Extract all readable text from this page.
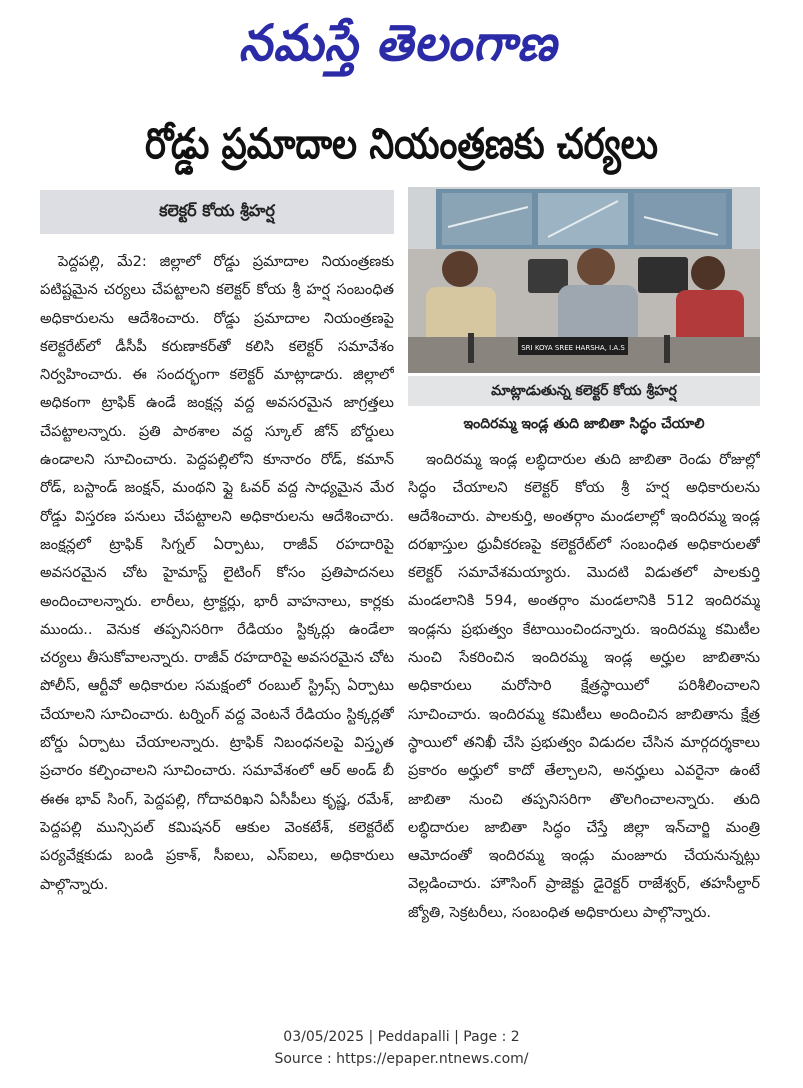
నమస్తే తెలంగాణ
రోడ్డు ప్రమాదాల నియంత్రణకు చర్యలు
కలెక్టర్ కోయ శ్రీహర్ష

పెద్దపల్లి, మే2: జిల్లాలో రోడ్డు ప్రమాదాల నియంత్రణకు పటిష్టమైన చర్యలు చేపట్టాలని కలెక్టర్ కోయ శ్రీ హర్ష సంబంధిత అధికారులను ఆదేశించారు. రోడ్డు ప్రమాదాల నియంత్రణపై కలెక్టరేట్‌లో డీసీపీ కరుణాకర్‌తో కలిసి కలెక్టర్ సమావేశం నిర్వహించారు. ఈ సందర్భంగా కలెక్టర్ మాట్లాడారు. జిల్లాలో అధికంగా ట్రాఫిక్ ఉండే జంక్షన్ల వద్ద అవసరమైన జాగ్రత్తలు చేపట్టాలన్నారు. ప్రతి పాఠశాల వద్ద స్కూల్ జోన్ బోర్డులు ఉండాలని సూచించారు. పెద్దపల్లిలోని కూనారం రోడ్, కమాన్ రోడ్, బస్టాండ్ జంక్షన్, మంథని ఫ్లై ఓవర్ వద్ద సాధ్యమైన మేర రోడ్డు విస్తరణ పనులు చేపట్టాలని అధికారులను ఆదేశించారు. జంక్షన్లలో ట్రాఫిక్ సిగ్నల్ ఏర్పాటు, రాజీవ్ రహదారిపై అవసరమైన చోట హైమాస్ట్ లైటింగ్ కోసం ప్రతిపాదనలు అందించాలన్నారు. లారీలు, ట్రాక్టర్లు, భారీ వాహనాలు, కార్లకు ముందు.. వెనుక తప్పనిసరిగా రేడియం స్టిక్కర్లు ఉండేలా చర్యలు తీసుకోవాలన్నారు. రాజీవ్ రహదారిపై అవసరమైన చోట పోలీస్, ఆర్టీవో అధికారుల సమక్షంలో రంబుల్ స్ట్రిప్స్ ఏర్పాటు చేయాలని సూచించారు. టర్నింగ్ వద్ద వెంటనే రేడియం స్టిక్కర్లతో బోర్డు ఏర్పాటు చేయాలన్నారు. ట్రాఫిక్ నిబంధనలపై విస్తృత ప్రచారం కల్పించాలని సూచించారు. సమావేశంలో ఆర్ అండ్ బీ ఈఈ భావ్ సింగ్, పెద్దపల్లి, గోదావరిఖని ఏసీపీలు కృష్ణ, రమేశ్, పెద్దపల్లి మున్సిపల్ కమిషనర్ ఆకుల వెంకటేశ్, కలెక్టరేట్ పర్యవేక్షకుడు బండి ప్రకాశ్, సీఐలు, ఎస్ఐలు, అధికారులు పాల్గొన్నారు.

SRI KOYA SREE HARSHA, I.A.S
మాట్లాడుతున్న కలెక్టర్ కోయ శ్రీహర్ష
ఇందిరమ్మ ఇండ్ల తుది జాబితా సిద్ధం చేయాలి

ఇందిరమ్మ ఇండ్ల లబ్ధిదారుల తుది జాబితా రెండు రోజుల్లో సిద్ధం చేయాలని కలెక్టర్ కోయ శ్రీ హర్ష అధికారులను ఆదేశించారు. పాలకుర్తి, అంతర్గాం మండలాల్లో ఇందిరమ్మ ఇండ్ల దరఖాస్తుల ధ్రువీకరణపై కలెక్టరేట్‌లో సంబంధిత అధికారులతో కలెక్టర్ సమావేశమయ్యారు. మొదటి విడుతలో పాలకుర్తి మండలానికి 594, అంతర్గాం మండలానికి 512 ఇందిరమ్మ ఇండ్లను ప్రభుత్వం కేటాయించిందన్నారు. ఇందిరమ్మ కమిటీల నుంచి సేకరించిన ఇందిరమ్మ ఇండ్ల అర్హుల జాబితాను అధికారులు మరోసారి క్షేత్రస్థాయిలో పరిశీలించాలని సూచించారు. ఇందిరమ్మ కమిటీలు అందించిన జాబితాను క్షేత్ర స్థాయిలో తనిఖీ చేసి ప్రభుత్వం విడుదల చేసిన మార్గదర్శకాలు ప్రకారం అర్హులో కాదో తేల్చాలని, అనర్హులు ఎవరైనా ఉంటే జాబితా నుంచి తప్పనిసరిగా తొలగించాలన్నారు. తుది లబ్ధిదారుల జాబితా సిద్ధం చేస్తే జిల్లా ఇన్‌చార్జి మంత్రి ఆమోదంతో ఇందిరమ్మ ఇండ్లు మంజూరు చేయనున్నట్లు వెల్లడించారు. హౌసింగ్ ప్రాజెక్టు డైరెక్టర్ రాజేశ్వర్, తహసీల్దార్ జ్యోతి, సెక్రటరీలు, సంబంధిత అధికారులు పాల్గొన్నారు.

03/05/2025 | Peddapalli | Page : 2
Source : https://epaper.ntnews.com/
